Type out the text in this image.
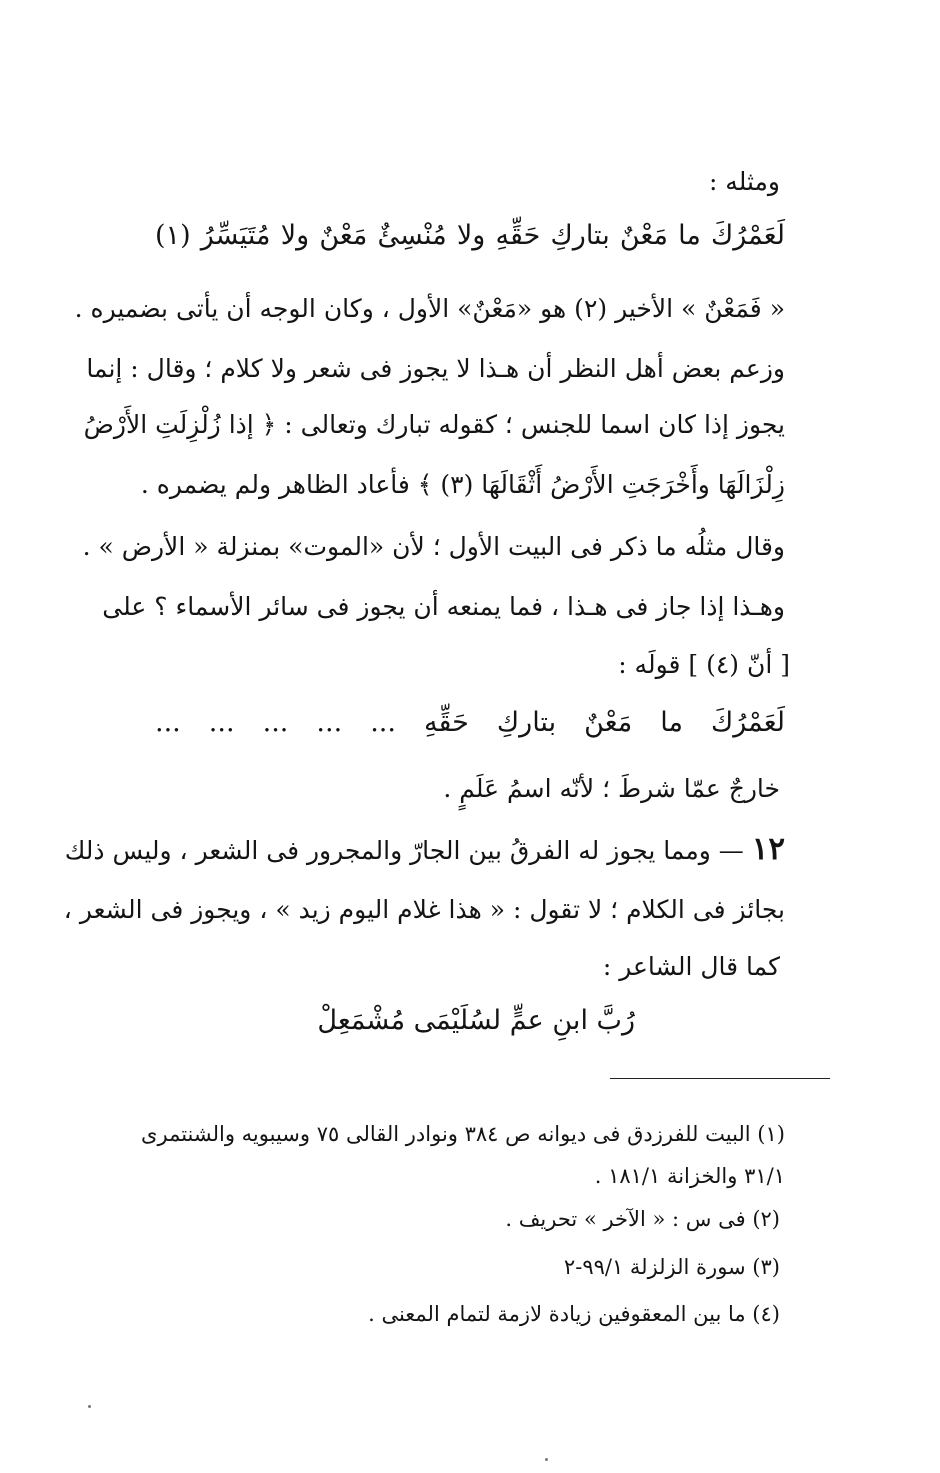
ومثله :
لَعَمْرُكَ ما مَعْنٌ بتاركِ حَقِّهِ ولا مُنْسِئٌ مَعْنٌ ولا مُتَيَسِّرُ (١)
« فَمَعْنٌ » الأخير (٢) هو «مَعْنٌ» الأول ، وكان الوجه أن يأتى بضميره .
وزعم بعض أهل النظر أن هـذا لا يجوز فى شعر ولا كلام ؛ وقال : إنما
يجوز إذا كان اسما للجنس ؛ كقوله تبارك وتعالى : ﴿ إذا زُلْزِلَتِ الأَرْضُ
زِلْزَالَهَا وأَخْرَجَتِ الأَرْضُ أَثْقَالَهَا (٣) ﴾ فأعاد الظاهر ولم يضمره .
وقال مثلُه ما ذكر فى البيت الأول ؛ لأن «الموت» بمنزلة « الأرض » .
وهـذا إذا جاز فى هـذا ، فما يمنعه أن يجوز فى سائر الأسماء ؟ على
[ أنّ (٤) ] قولَه :
لَعَمْرُكَ ما مَعْنٌ بتاركِ حَقِّهِ ... ... ... ... ...
خارجٌ عمّا شرطَ ؛ لأنّه اسمُ عَلَمٍ .
١٢ — ومما يجوز له الفرقُ بين الجارّ والمجرور فى الشعر ، وليس ذلك
بجائز فى الكلام ؛ لا تقول : « هذا غلام اليوم زيد » ، ويجوز فى الشعر ،
كما قال الشاعر :
رُبَّ ابنِ عمٍّ لسُلَيْمَى مُشْمَعِلْ
(١) البيت للفرزدق فى ديوانه ص ٣٨٤ ونوادر القالى ٧٥ وسيبويه والشنتمرى
٣١/١ والخزانة ١٨١/١ .
(٢) فى س : « الآخر » تحريف .
(٣) سورة الزلزلة ٩٩/١-٢
(٤) ما بين المعقوفين زيادة لازمة لتمام المعنى .
